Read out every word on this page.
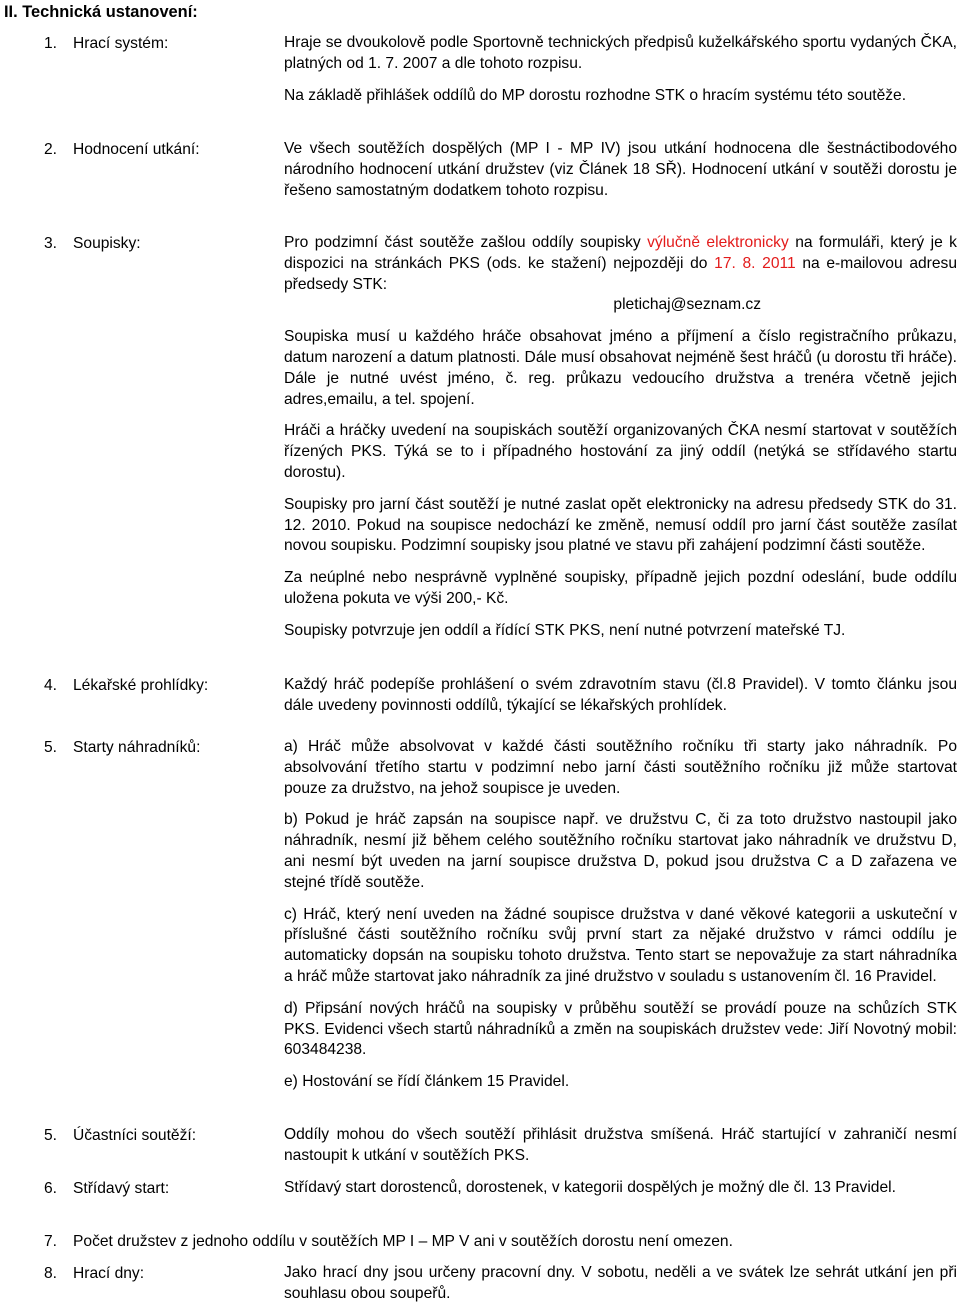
II. Technická ustanovení:
1. Hrací systém:	Hraje se dvoukolově podle Sportovně technických předpisů kuželkářského sportu vydaných ČKA, platných od 1. 7. 2007 a dle tohoto rozpisu.

Na základě přihlášek oddílů do MP dorostu rozhodne STK o hracím systému této soutěže.

2. Hodnocení utkání:	Ve všech soutěžích dospělých (MP I - MP IV) jsou utkání hodnocena dle šestnáctibodového národního hodnocení utkání družstev (viz Článek 18 SŘ). Hodnocení utkání v soutěži dorostu je řešeno samostatným dodatkem tohoto rozpisu.

3. Soupisky:	Pro podzimní část soutěže zašlou oddíly soupisky výlučně elektronicky na formuláři, který je k dispozici na stránkách PKS (ods. ke stažení) nejpozději do 17. 8. 2011 na e-mailovou adresu předsedy STK:

pletichaj@seznam.cz

Soupiska musí u každého hráče obsahovat jméno a příjmení a číslo registračního průkazu, datum narození a datum platnosti. Dále musí obsahovat nejméně šest hráčů (u dorostu tři hráče). Dále je nutné uvést jméno, č. reg. průkazu vedoucího družstva a trenéra včetně jejich adres,emailu, a tel. spojení.

Hráči a hráčky uvedení na soupiskách soutěží organizovaných ČKA nesmí startovat v soutěžích řízených PKS. Týká se to i případného hostování za jiný oddíl (netýká se střídavého startu dorostu).

Soupisky pro jarní část soutěží je nutné zaslat opět elektronicky na adresu předsedy STK do 31. 12. 2010. Pokud na soupisce nedochází ke změně, nemusí oddíl pro jarní část soutěže zasílat novou soupisku. Podzimní soupisky jsou platné ve stavu při zahájení podzimní části soutěže.

Za neúplné nebo nesprávně vyplněné soupisky, případně jejich pozdní odeslání, bude oddílu uložena pokuta ve výši 200,- Kč.

Soupisky potvrzuje jen oddíl a řídící STK PKS, není nutné potvrzení mateřské TJ.

4. Lékařské prohlídky:	Každý hráč podepíše prohlášení o svém zdravotním stavu (čl.8 Pravidel). V tomto článku jsou dále uvedeny povinnosti oddílů, týkající se lékařských prohlídek.

5. Starty náhradníků:	a) Hráč může absolvovat v každé části soutěžního ročníku tři starty jako náhradník. Po absolvování třetího startu v podzimní nebo jarní části soutěžního ročníku již může startovat pouze za družstvo, na jehož soupisce je uveden.

b) Pokud je hráč zapsán na soupisce např. ve družstvu C, či za toto družstvo nastoupil jako náhradník, nesmí již během celého soutěžního ročníku startovat jako náhradník ve družstvu D, ani nesmí být uveden na jarní soupisce družstva D, pokud jsou družstva C a D zařazena ve stejné třídě soutěže.

c) Hráč, který není uveden na žádné soupisce družstva v dané věkové kategorii a uskuteční v příslušné části soutěžního ročníku svůj první start za nějaké družstvo v rámci oddílu je automaticky dopsán na soupisku tohoto družstva. Tento start se nepovažuje za start náhradníka a hráč může startovat jako náhradník za jiné družstvo v souladu s ustanovením čl. 16 Pravidel.

d) Připsání nových hráčů na soupisky v průběhu soutěží se provádí pouze na schůzích STK PKS. Evidenci všech startů náhradníků a změn na soupiskách družstev vede: Jiří Novotný mobil: 603484238.

e) Hostování se řídí článkem 15 Pravidel.

5. Účastníci soutěží:	Oddíly mohou do všech soutěží přihlásit družstva smíšená. Hráč startující v zahraničí nesmí nastoupit k utkání v soutěžích PKS.

6. Střídavý start:	Střídavý start dorostenců, dorostenek, v kategorii dospělých je možný dle čl. 13 Pravidel.

7. Počet družstev z jednoho oddílu v soutěžích MP I – MP V ani v soutěžích dorostu není omezen.
8. Hrací dny:	Jako hrací dny jsou určeny pracovní dny. V sobotu, neděli a ve svátek lze sehrát utkání jen při souhlasu obou soupeřů.
